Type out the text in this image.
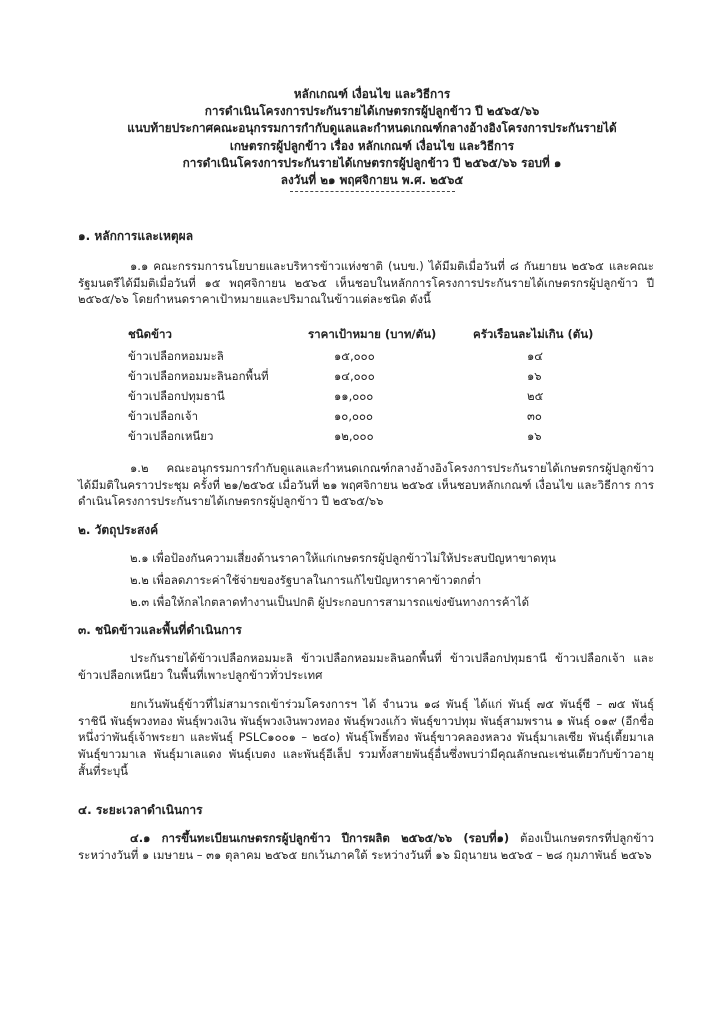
หลักเกณฑ์ เงื่อนไข และวิธีการ
การดำเนินโครงการประกันรายได้เกษตรกรผู้ปลูกข้าว ปี ๒๕๖๕/๖๖
แนบท้ายประกาศคณะอนุกรรมการกำกับดูแลและกำหนดเกณฑ์กลางอ้างอิงโครงการประกันรายได้
เกษตรกรผู้ปลูกข้าว เรื่อง หลักเกณฑ์ เงื่อนไข และวิธีการ
การดำเนินโครงการประกันรายได้เกษตรกรผู้ปลูกข้าว ปี ๒๕๖๕/๖๖ รอบที่ ๑
ลงวันที่ ๒๑ พฤศจิกายน พ.ศ. ๒๕๖๕
๑. หลักการและเหตุผล

๑.๑ คณะกรรมการนโยบายและบริหารข้าวแห่งชาติ (นบข.) ได้มีมติเมื่อวันที่ ๘ กันยายน ๒๕๖๕ และคณะรัฐมนตรีได้มีมติเมื่อวันที่ ๑๕ พฤศจิกายน ๒๕๖๕ เห็นชอบในหลักการโครงการประกันรายได้เกษตรกรผู้ปลูกข้าว ปี ๒๕๖๕/๖๖ โดยกำหนดราคาเป้าหมายและปริมาณในข้าวแต่ละชนิด ดังนี้

ชนิดข้าว	ราคาเป้าหมาย (บาท/ตัน)	ครัวเรือนละไม่เกิน (ตัน)
ข้าวเปลือกหอมมะลิ	๑๕,๐๐๐	๑๔
ข้าวเปลือกหอมมะลินอกพื้นที่	๑๔,๐๐๐	๑๖
ข้าวเปลือกปทุมธานี	๑๑,๐๐๐	๒๕
ข้าวเปลือกเจ้า	๑๐,๐๐๐	๓๐
ข้าวเปลือกเหนียว	๑๒,๐๐๐	๑๖

๑.๒ คณะอนุกรรมการกำกับดูแลและกำหนดเกณฑ์กลางอ้างอิงโครงการประกันรายได้เกษตรกรผู้ปลูกข้าว ได้มีมติในคราวประชุม ครั้งที่ ๒๑/๒๕๖๕ เมื่อวันที่ ๒๑ พฤศจิกายน ๒๕๖๕ เห็นชอบหลักเกณฑ์ เงื่อนไข และวิธีการ การดำเนินโครงการประกันรายได้เกษตรกรผู้ปลูกข้าว ปี ๒๕๖๕/๖๖

๒. วัตถุประสงค์

๒.๑ เพื่อป้องกันความเสี่ยงด้านราคาให้แก่เกษตรกรผู้ปลูกข้าวไม่ให้ประสบปัญหาขาดทุน

๒.๒ เพื่อลดภาระค่าใช้จ่ายของรัฐบาลในการแก้ไขปัญหาราคาข้าวตกต่ำ

๒.๓ เพื่อให้กลไกตลาดทำงานเป็นปกติ ผู้ประกอบการสามารถแข่งขันทางการค้าได้

๓. ชนิดข้าวและพื้นที่ดำเนินการ

ประกันรายได้ข้าวเปลือกหอมมะลิ ข้าวเปลือกหอมมะลินอกพื้นที่ ข้าวเปลือกปทุมธานี ข้าวเปลือกเจ้า และข้าวเปลือกเหนียว ในพื้นที่เพาะปลูกข้าวทั่วประเทศ

ยกเว้นพันธุ์ข้าวที่ไม่สามารถเข้าร่วมโครงการฯ ได้ จำนวน ๑๘ พันธุ์ ได้แก่ พันธุ์ ๗๕ พันธุ์ซี – ๗๕ พันธุ์ราชินี พันธุ์พวงทอง พันธุ์พวงเงิน พันธุ์พวงเงินพวงทอง พันธุ์พวงแก้ว พันธุ์ขาวปทุม พันธุ์สามพราน ๑ พันธุ์ ๐๑๙ (อีกชื่อหนึ่งว่าพันธุ์เจ้าพระยา และพันธุ์ PSLC๑๐๐๑ – ๒๔๐) พันธุ์โพธิ์ทอง พันธุ์ขาวคลองหลวง พันธุ์มาเลเซีย พันธุ์เตี้ยมาเล พันธุ์ขาวมาเล พันธุ์มาเลแดง พันธุ์เบตง และพันธุ์อีเล็ป รวมทั้งสายพันธุ์อื่นซึ่งพบว่ามีคุณลักษณะเช่นเดียวกับข้าวอายุสั้นที่ระบุนี้

๔. ระยะเวลาดำเนินการ

๔.๑ การขึ้นทะเบียนเกษตรกรผู้ปลูกข้าว ปีการผลิต ๒๕๖๕/๖๖ (รอบที่๑) ต้องเป็นเกษตรกรที่ปลูกข้าวระหว่างวันที่ ๑ เมษายน – ๓๑ ตุลาคม ๒๕๖๕ ยกเว้นภาคใต้ ระหว่างวันที่ ๑๖ มิถุนายน ๒๕๖๕ – ๒๘ กุมภาพันธ์ ๒๕๖๖
